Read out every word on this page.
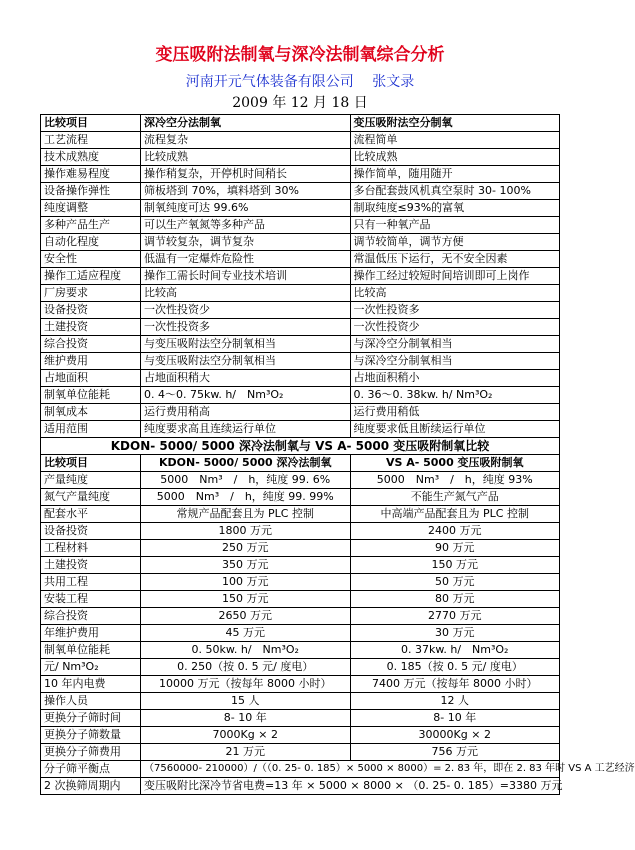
变压吸附法制氧与深冷法制氧综合分析
河南开元气体装备有限公司　 张文录
2009 年 12 月 18 日
比较项目	深冷空分法制氧	变压吸附法空分制氧
工艺流程	流程复杂	流程简单
技术成熟度	比较成熟	比较成熟
操作难易程度	操作稍复杂，开停机时间稍长	操作简单，随用随开
设备操作弹性	筛板塔到 70%，填料塔到 30%	多台配套鼓风机真空泵时 30- 100%
纯度调整	制氧纯度可达 99.6%	制取纯度≤93%的富氧
多种产品生产	可以生产氧氮等多种产品	只有一种氧产品
自动化程度	调节较复杂，调节复杂	调节较简单，调节方便
安全性	低温有一定爆炸危险性	常温低压下运行，无不安全因素
操作工适应程度	操作工需长时间专业技术培训	操作工经过较短时间培训即可上岗作
厂房要求	比较高	比较高
设备投资	一次性投资少	一次性投资多
土建投资	一次性投资多	一次性投资少
综合投资	与变压吸附法空分制氧相当	与深冷空分制氧相当
维护费用	与变压吸附法空分制氧相当	与深冷空分制氧相当
占地面积	占地面积稍大	占地面积稍小
制氧单位能耗	0. 4～0. 75kw. h/　Nm³O₂	0. 36～0. 38kw. h/ Nm³O₂
制氧成本	运行费用稍高	运行费用稍低
适用范围	纯度要求高且连续运行单位	纯度要求低且断续运行单位
KDON- 5000/ 5000 深冷法制氧与 VS A- 5000 变压吸附制氧比较		
比较项目	KDON- 5000/ 5000 深冷法制氧	VS A- 5000 变压吸附制氧
产量纯度	5000　Nm³　/　h，纯度 99. 6%	5000　Nm³　/　h，纯度 93%
氮气产量纯度	5000　Nm³　/　h，纯度 99. 99%	不能生产氮气产品
配套水平	常规产品配套且为 PLC 控制	中高端产品配套且为 PLC 控制
设备投资	1800 万元	2400 万元
工程材料	250 万元	90 万元
土建投资	350 万元	150 万元
共用工程	100 万元	50 万元
安装工程	150 万元	80 万元
综合投资	2650 万元	2770 万元
年维护费用	45 万元	30 万元
制氧单位能耗	0. 50kw. h/　Nm³O₂	0. 37kw. h/　Nm³O₂
元/ Nm³O₂	0. 250（按 0. 5 元/ 度电）	0. 185（按 0. 5 元/ 度电）
10 年内电费	10000 万元（按每年 8000 小时）	7400 万元（按每年 8000 小时）
操作人员	15 人	12 人
更换分子筛时间	8- 10 年	8- 10 年
更换分子筛数量	7000Kg × 2	30000Kg × 2
更换分子筛费用	21 万元	756 万元
分子筛平衡点	（7560000- 210000）/（（0. 25- 0. 185）× 5000 × 8000）= 2. 83 年，即在 2. 83 年时 VS A 工艺经济	
2 次换筛周期内	变压吸附比深冷节省电费=13 年 × 5000 × 8000 × （0. 25- 0. 185）=3380 万元	
